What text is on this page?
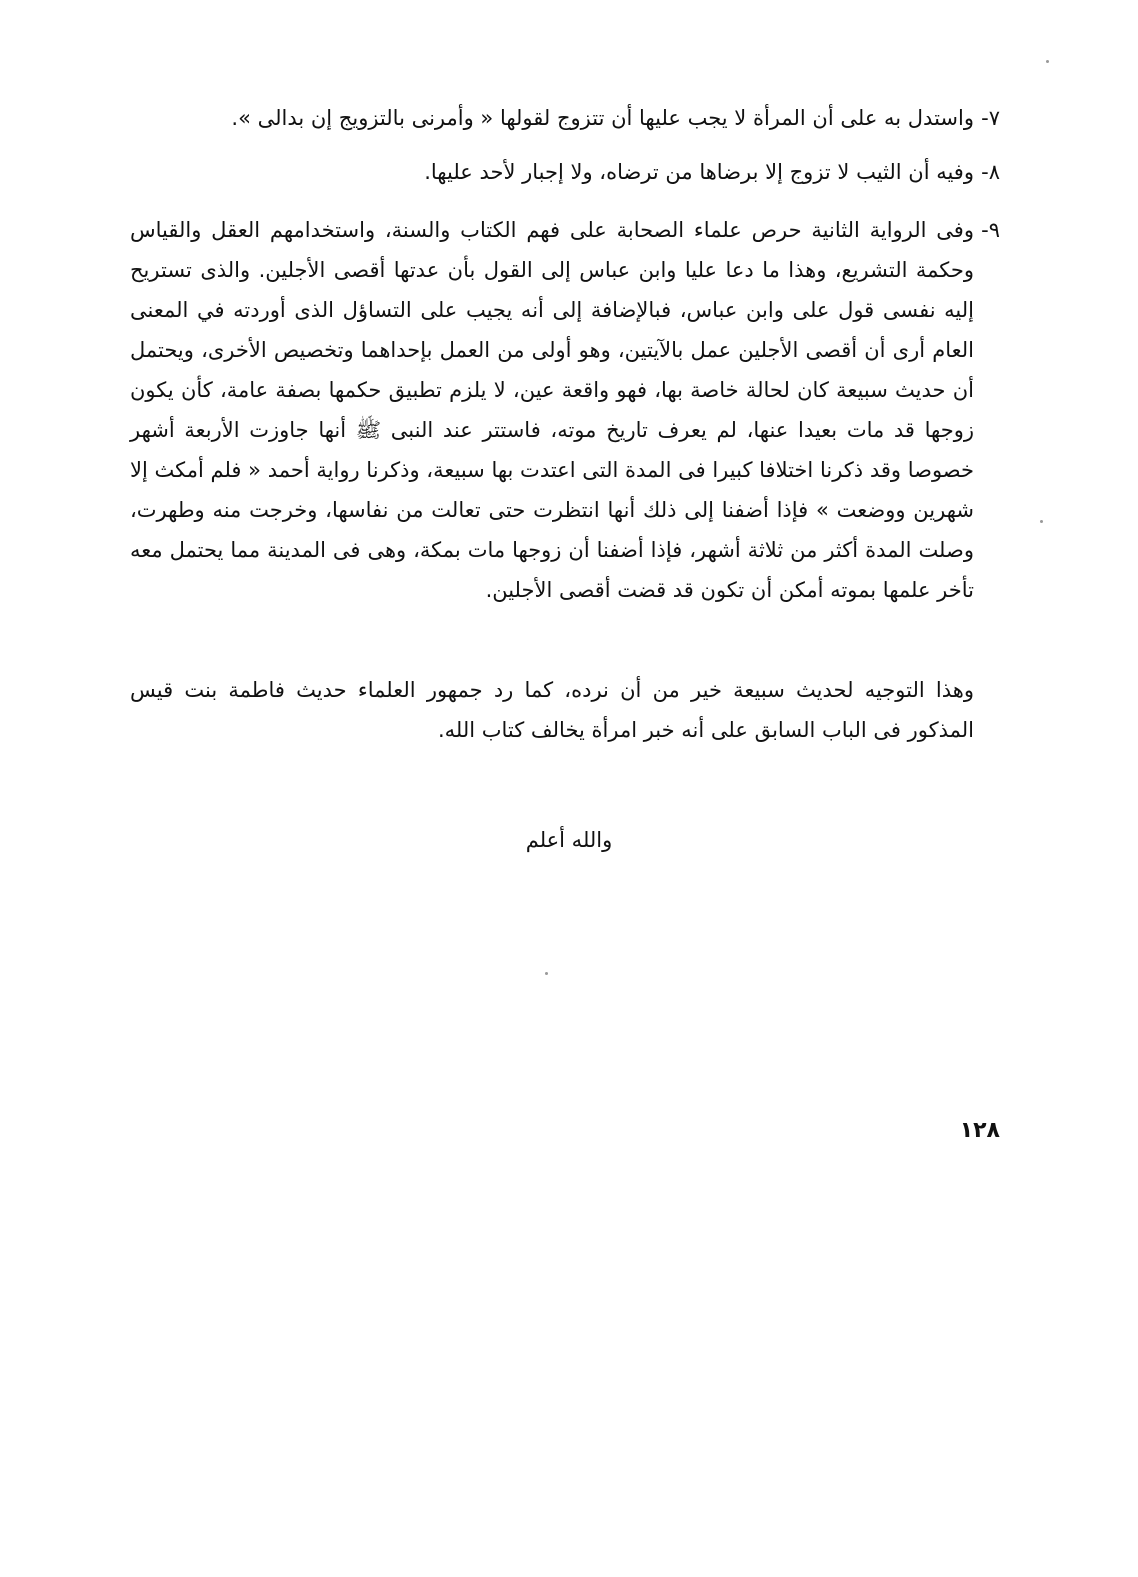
٧-
واستدل به على أن المرأة لا يجب عليها أن تتزوج لقولها « وأمرنى بالتزويج إن بدالى ».
٨-
وفيه أن الثيب لا تزوج إلا برضاها من ترضاه، ولا إجبار لأحد عليها.
٩-
وفى الرواية الثانية حرص علماء الصحابة على فهم الكتاب والسنة، واستخدامهم العقل والقياس وحكمة التشريع، وهذا ما دعا عليا وابن عباس إلى القول بأن عدتها أقصى الأجلين. والذى تستريح إليه نفسى قول على وابن عباس، فبالإضافة إلى أنه يجيب على التساؤل الذى أوردته في المعنى العام أرى أن أقصى الأجلين عمل بالآيتين، وهو أولى من العمل بإحداهما وتخصيص الأخرى، ويحتمل أن حديث سبيعة كان لحالة خاصة بها، فهو واقعة عين، لا يلزم تطبيق حكمها بصفة عامة، كأن يكون زوجها قد مات بعيدا عنها، لم يعرف تاريخ موته، فاستتر عند النبى ﷺ أنها جاوزت الأربعة أشهر خصوصا وقد ذكرنا اختلافا كبيرا فى المدة التى اعتدت بها سبيعة، وذكرنا رواية أحمد « فلم أمكث إلا شهرين ووضعت » فإذا أضفنا إلى ذلك أنها انتظرت حتى تعالت من نفاسها، وخرجت منه وطهرت، وصلت المدة أكثر من ثلاثة أشهر، فإذا أضفنا أن زوجها مات بمكة، وهى فى المدينة مما يحتمل معه تأخر علمها بموته أمكن أن تكون قد قضت أقصى الأجلين.
وهذا التوجيه لحديث سبيعة خير من أن نرده، كما رد جمهور العلماء حديث فاطمة بنت قيس المذكور فى الباب السابق على أنه خبر امرأة يخالف كتاب الله.
والله أعلم
١٢٨
